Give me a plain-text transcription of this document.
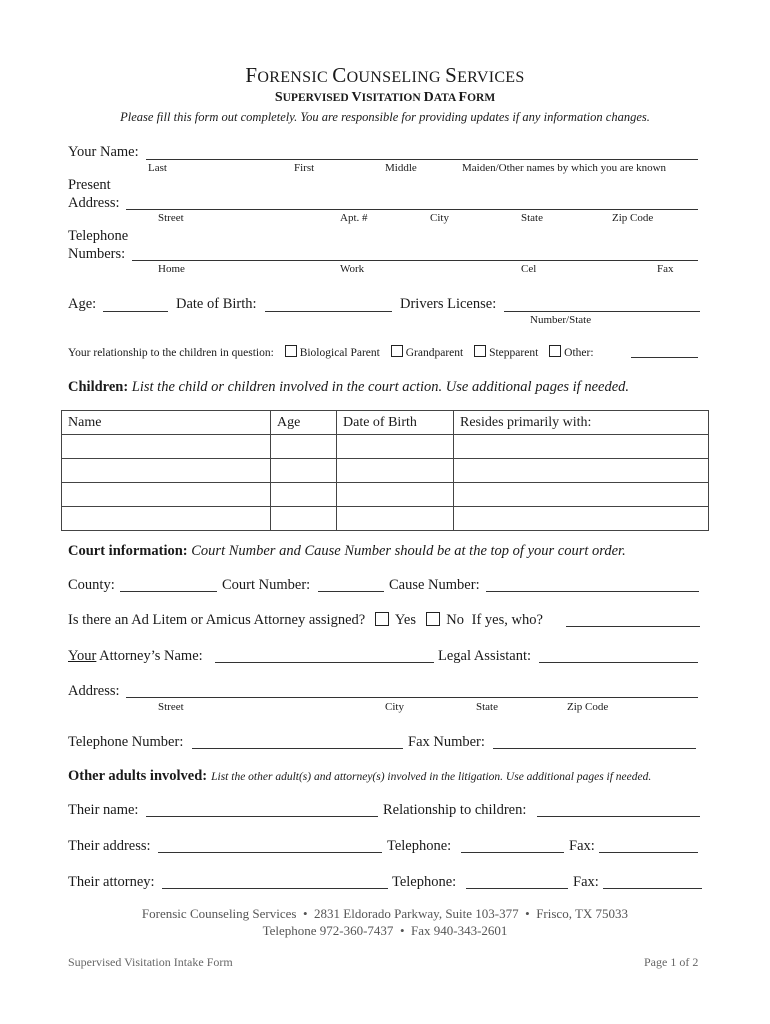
FORENSIC COUNSELING SERVICES
SUPERVISED VISITATION DATA FORM
Please fill this form out completely. You are responsible for providing updates if any information changes.
Your Name:
Last	First	Middle	Maiden/Other names by which you are known
Present
Address:
Street	Apt. #	City	State	Zip Code
Telephone
Numbers:
Home	Work	Cel	Fax
Age:	Date of Birth:	Drivers License:
Number/State
Your relationship to the children in question: Biological Parent Grandparent Stepparent Other:
Children: List the child or children involved in the court action. Use additional pages if needed.
Name	Age	Date of Birth	Resides primarily with:

Court information: Court Number and Cause Number should be at the top of your court order.
County:	Court Number:	Cause Number:
Is there an Ad Litem or Amicus Attorney assigned? Yes No If yes, who?
Your Attorney’s Name:	Legal Assistant:
Address:
Street	City	State	Zip Code
Telephone Number:	Fax Number:
Other adults involved: List the other adult(s) and attorney(s) involved in the litigation. Use additional pages if needed.
Their name:	Relationship to children:
Their address:	Telephone:	Fax:
Their attorney:	Telephone:	Fax:
Forensic Counseling Services  •  2831 Eldorado Parkway, Suite 103-377  •  Frisco, TX 75033
Telephone 972-360-7437  •  Fax 940-343-2601
Supervised Visitation Intake Form	Page 1 of 2
